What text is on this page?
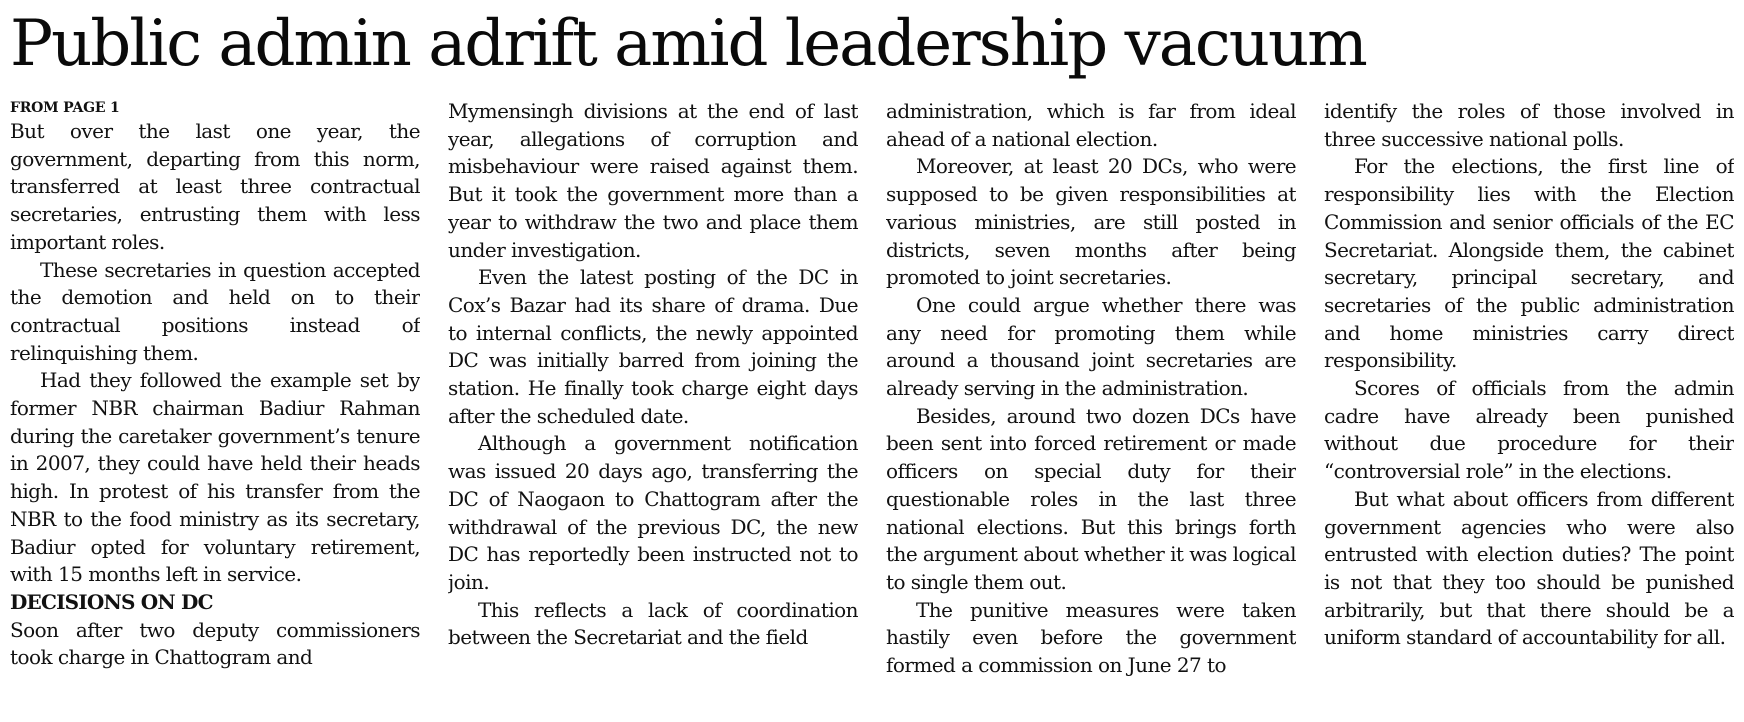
Public admin adrift amid leadership vacuum

FROM PAGE 1

But over the last one year, the government, departing from this norm, transferred at least three contractual secretaries, entrusting them with less important roles.

These secretaries in question accepted the demotion and held on to their contractual positions instead of relinquishing them.

Had they followed the example set by former NBR chairman Badiur Rahman during the caretaker government’s tenure in 2007, they could have held their heads high. In protest of his transfer from the NBR to the food ministry as its secretary, Badiur opted for voluntary retirement, with 15 months left in service.

DECISIONS ON DC

Soon after two deputy commissioners took charge in Chattogram and

Mymensingh divisions at the end of last year, allegations of corruption and misbehaviour were raised against them. But it took the government more than a year to withdraw the two and place them under investigation.

Even the latest posting of the DC in Cox’s Bazar had its share of drama. Due to internal conflicts, the newly appointed DC was initially barred from joining the station. He finally took charge eight days after the scheduled date.

Although a government notification was issued 20 days ago, transferring the DC of Naogaon to Chattogram after the withdrawal of the previous DC, the new DC has reportedly been instructed not to join.

This reflects a lack of coordination between the Secretariat and the field

administration, which is far from ideal ahead of a national election.

Moreover, at least 20 DCs, who were supposed to be given responsibilities at various ministries, are still posted in districts, seven months after being promoted to joint secretaries.

One could argue whether there was any need for promoting them while around a thousand joint secretaries are already serving in the administration.

Besides, around two dozen DCs have been sent into forced retirement or made officers on special duty for their questionable roles in the last three national elections. But this brings forth the argument about whether it was logical to single them out.

The punitive measures were taken hastily even before the government formed a commission on June 27 to

identify the roles of those involved in three successive national polls.

For the elections, the first line of responsibility lies with the Election Commission and senior officials of the EC Secretariat. Alongside them, the cabinet secretary, principal secretary, and secretaries of the public administration and home ministries carry direct responsibility.

Scores of officials from the admin cadre have already been punished without due procedure for their “controversial role” in the elections.

But what about officers from different government agencies who were also entrusted with election duties? The point is not that they too should be punished arbitrarily, but that there should be a uniform standard of accountability for all.
